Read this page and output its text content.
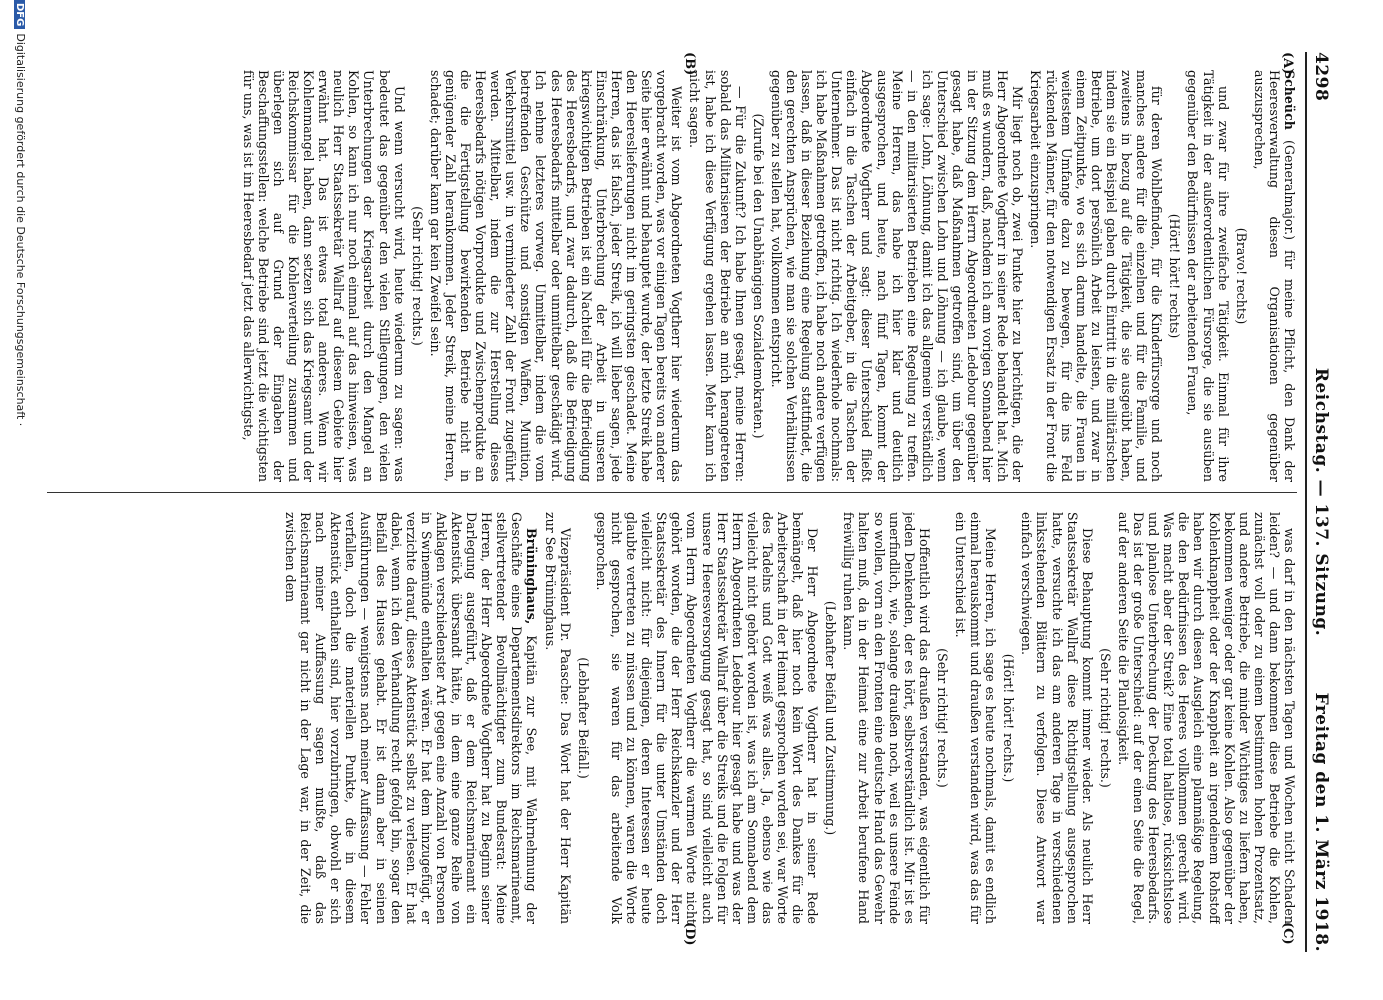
4298
Reichstag. — 137. Sitzung.
Freitag den 1. März 1918.
(A)
(B)
(C)
(D)

Scheüch (Generalmajor.) für meine Pflicht, den Dank der Heeresverwaltung diesen Organisationen gegenüber auszusprechen,

(Bravo! rechts)

und zwar für ihre zweifache Tätigkeit. Einmal für ihre Tätigkeit in der außerordentlichen Fürsorge, die sie ausüben gegenüber den Bedürfnissen der arbeitenden Frauen,

(Hört! hört! rechts)

für deren Wohlbefinden, für die Kinderfürsorge und noch manches andere für die einzelnen und für die Familie, und zweitens in bezug auf die Tätigkeit, die sie ausgeübt haben, indem sie ein Beispiel gaben durch Eintritt in die militärischen Betriebe, um dort persönlich Arbeit zu leisten, und zwar in einem Zeitpunkte, wo es sich darum handelte, die Frauen in weitestem Umfange dazu zu bewegen, für die ins Feld rückenden Männer, für den notwendigen Ersatz in der Front die Kriegsarbeit einzuspringen.

Mir liegt noch ob, zwei Punkte hier zu berichtigen, die der Herr Abgeordnete Vogtherr in seiner Rede behandelt hat. Mich muß es wundern, daß, nachdem ich am vorigen Sonnabend hier in der Sitzung dem Herrn Abgeordneten Ledebour gegenüber gesagt habe, daß Maßnahmen getroffen sind, um über den Unterschied zwischen Lohn und Löhnung — ich glaube, wenn ich sage: Lohn, Löhnung, damit ich das allgemein verständlich — in den militarisierten Betrieben eine Regelung zu treffen. Meine Herren, das habe ich hier klar und deutlich ausgesprochen, und heute, nach fünf Tagen, kommt der Abgeordnete Vogtherr und sagt: dieser Unterschied fließt einfach in die Taschen der Arbeitgeber, in die Taschen der Unternehmer. Das ist nicht richtig. Ich wiederhole nochmals: ich habe Maßnahmen getroffen, ich habe noch andere verfügen lassen, daß in dieser Beziehung eine Regelung stattfindet, die den gerechten Ansprüchen, wie man sie solchen Verhältnissen gegenüber zu stellen hat, vollkommen entspricht.

(Zurufe bei den Unabhängigen Sozialdemokraten.)

— Für die Zukunft? Ich habe Ihnen gesagt, meine Herren: sobald das Militarisieren der Betriebe an mich herangetreten ist, habe ich diese Verfügung ergehen lassen. Mehr kann ich nicht sagen.

Weiter ist vom Abgeordneten Vogtherr hier wiederum das vorgebracht worden, was vor einigen Tagen bereits von anderer Seite hier erwähnt und behauptet wurde, der letzte Streik habe den Heereslieferungen nicht im geringsten geschadet. Meine Herren, das ist falsch, jeder Streik, ich will lieber sagen, jede Einschränkung, Unterbrechung der Arbeit in unseren kriegswichtigen Betrieben ist ein Nachteil für die Befriedigung des Heeresbedarfs, und zwar dadurch, daß die Befriedigung des Heeresbedarfs mittelbar oder unmittelbar geschädigt wird. Ich nehme letzteres vorweg. Unmittelbar, indem die vom betreffenden Geschütze und sonstigen Waffen, Munition, Verkehrsmittel usw. in verminderter Zahl der Front zugeführt werden. Mittelbar, indem die zur Herstellung dieses Heeresbedarfs nötigen Vorprodukte und Zwischenprodukte an die die Fertigstellung bewirkenden Betriebe nicht in genügender Zahl herankommen. Jeder Streik, meine Herren, schadet; darüber kann gar kein Zweifel sein.

(Sehr richtig! rechts.)

Und wenn versucht wird, heute wiederum zu sagen: was bedeutet das gegenüber den vielen Stillegungen, den vielen Unterbrechungen der Kriegsarbeit durch den Mangel an Kohlen, so kann ich nur noch einmal auf das hinweisen, was neulich Herr Staatssekretär Wallraf auf diesem Gebiete hier erwähnt hat. Das ist etwas total anderes. Wenn wir Kohlenmangel haben, dann setzen sich das Kriegsamt und der Reichskommissar für die Kohlenverteilung zusammen und überlegen sich auf Grund der Eingaben der Beschaffungsstellen: welche Betriebe sind jetzt die wichtigsten für uns, was ist im Heeresbedarf jetzt das allerwichtigste,

was darf in den nächsten Tagen und Wochen nicht Schaden leiden? — und dann bekommen diese Betriebe die Kohlen, zunächst voll oder zu einem bestimmten hohen Prozentsatz, und andere Betriebe, die minder Wichtiges zu liefern haben, bekommen weniger oder gar keine Kohlen. Also gegenüber der Kohlenknappheit oder der Knappheit an irgendeinem Rohstoff haben wir durch diesen Ausgleich eine planmäßige Regelung, die den Bedürfnissen des Heeres vollkommen gerecht wird. Was macht aber der Streik? Eine total haltlose, rücksichtslose und planlose Unterbrechung der Deckung des Heeresbedarfs. Das ist der große Unterschied: auf der einen Seite die Regel, auf der anderen Seite die Planlosigkeit.

(Sehr richtig! rechts.)

Diese Behauptung kommt immer wieder. Als neulich Herr Staatssekretär Wallraf diese Richtigstellung ausgesprochen hatte, versuchte ich das am anderen Tage in verschiedenen linksstehenden Blättern zu verfolgen. Diese Antwort war einfach verschwiegen.

(Hört! hört! rechts.)

Meine Herren, ich sage es heute nochmals, damit es endlich einmal herauskommt und draußen verstanden wird, was das für ein Unterschied ist.

(Sehr richtig! rechts.)

Hoffentlich wird das draußen verstanden, was eigentlich für jeden Denkenden, der es hört, selbstverständlich ist. Mir ist es unerfindlich, wie, solange draußen noch, weil es unsere Feinde so wollen, vorn an den Fronten eine deutsche Hand das Gewehr halten muß, da in der Heimat eine zur Arbeit berufene Hand freiwillig ruhen kann.

(Lebhafter Beifall und Zustimmung.)

Der Herr Abgeordnete Vogtherr hat in seiner Rede bemängelt, daß hier noch kein Wort des Dankes für die Arbeiterschaft in der Heimat gesprochen worden sei, war Worte des Tadelns und Gott weiß was alles. Ja, ebenso wie das vielleicht nicht gehört worden ist, was ich am Sonnabend dem Herrn Abgeordneten Ledebour hier gesagt habe und was der Herr Staatssekretär Wallraf über die Streiks und die Folgen für unsere Heeresversorgung gesagt hat, so sind vielleicht auch vom Herrn Abgeordneten Vogtherr die warmen Worte nicht gehört worden, die der Herr Reichskanzler und der Herr Staatssekretär des Innern für die unter Umständen doch vielleicht nicht: für diejenigen, deren Interessen er heute glaubte vertreten zu müssen und zu können, waren die Worte nicht gesprochen, sie waren für das arbeitende Volk gesprochen.

(Lebhafter Beifall.)

Vizepräsident Dr. Paasche: Das Wort hat der Herr Kapitän zur See Brüninghaus.

Brüninghaus, Kapitän zur See, mit Wahrnehmung der Geschäfte eines Departementsdirektors im Reichsmarineamt, stellvertretender Bevollmächtigter zum Bundesrat: Meine Herren, der Herr Abgeordnete Vogtherr hat zu Beginn seiner Darlegung ausgeführt, daß er dem Reichsmarineamt ein Aktenstück übersandt hätte, in dem eine ganze Reihe von Anklagen verschiedenster Art gegen eine Anzahl von Personen in Swinemünde enthalten wären. Er hat dem hinzugefügt, er verzichte darauf, dieses Aktenstück selbst zu verlesen. Er hat dabei, wenn ich den Verhandlung recht gefolgt bin, sogar den Beifall des Hauses gehabt. Er ist dann aber in seinen Ausführungen — wenigstens nach meiner Auffassung — Fehler verfallen, doch die materiellen Punkte, die in diesem Aktenstück enthalten sind, hier vorzubringen, obwohl er sich nach meiner Auffassung sagen mußte, daß das Reichsmarineamt gar nicht in der Lage war, in der Zeit, die zwischen dem

DFGDigitalisierung gefördert durch die Deutsche Forschungsgemeinschaft ·
